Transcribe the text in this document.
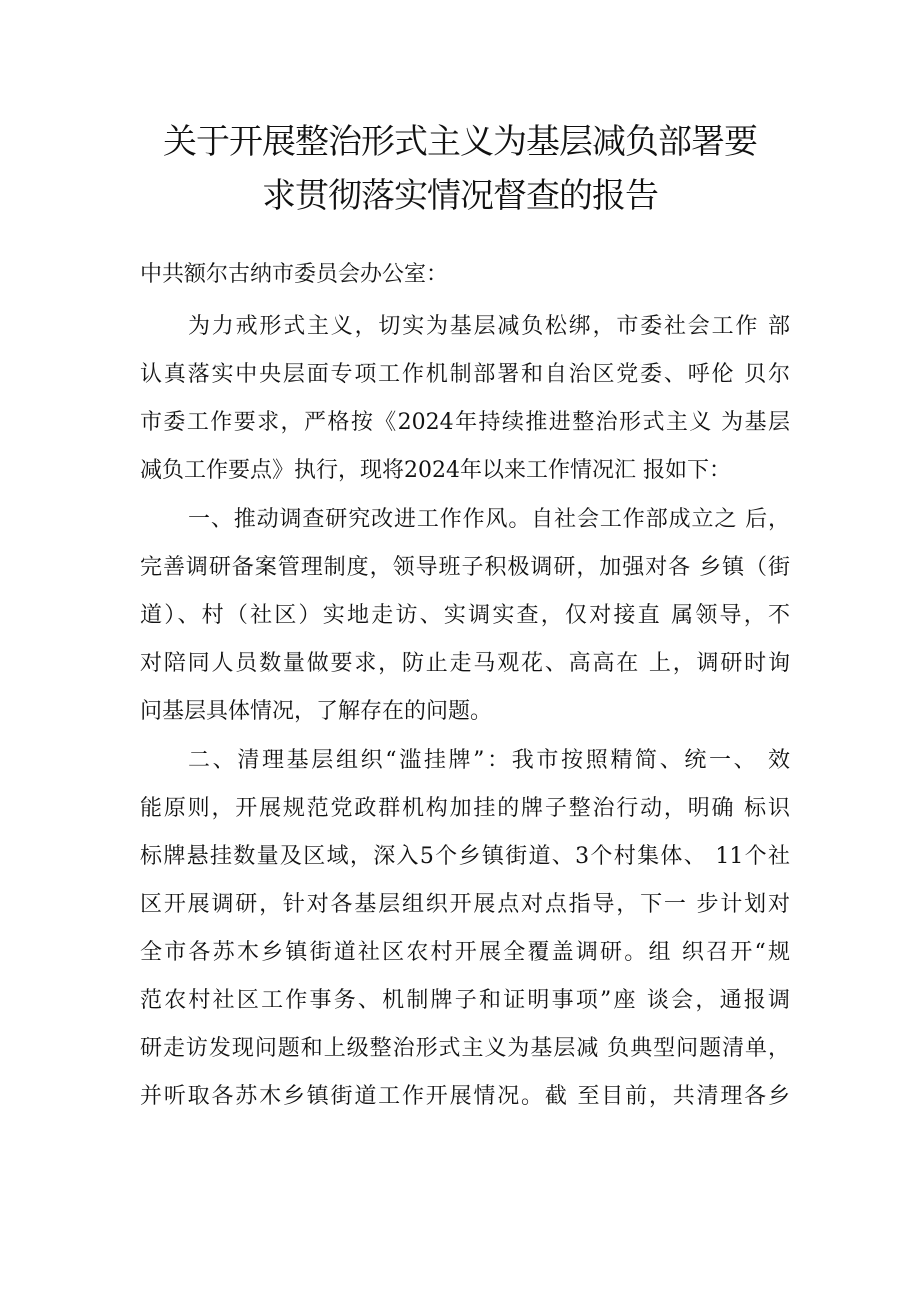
关于开展整治形式主义为基层减负部署要
求贯彻落实情况督查的报告
中共额尔古纳市委员会办公室：
为力戒形式主义，切实为基层减负松绑，市委社会工作 部
认真落实中央层面专项工作机制部署和自治区党委、呼伦 贝尔
市委工作要求，严格按《2024年持续推进整治形式主义 为基层
减负工作要点》执行，现将2024年以来工作情况汇 报如下：
一、推动调查研究改进工作作风。自社会工作部成立之 后，
完善调研备案管理制度，领导班子积极调研，加强对各 乡镇（街
道）、村（社区）实地走访、实调实查，仅对接直 属领导，不
对陪同人员数量做要求，防止走马观花、高高在 上，调研时询
问基层具体情况，了解存在的问题。
二、清理基层组织“滥挂牌”：我市按照精简、统一、 效
能原则，开展规范党政群机构加挂的牌子整治行动，明确 标识
标牌悬挂数量及区域，深入5个乡镇街道、3个村集体、 11个社
区开展调研，针对各基层组织开展点对点指导，下一 步计划对
全市各苏木乡镇街道社区农村开展全覆盖调研。组 织召开“规
范农村社区工作事务、机制牌子和证明事项”座 谈会，通报调
研走访发现问题和上级整治形式主义为基层减 负典型问题清单，
并听取各苏木乡镇街道工作开展情况。截 至目前，共清理各乡
